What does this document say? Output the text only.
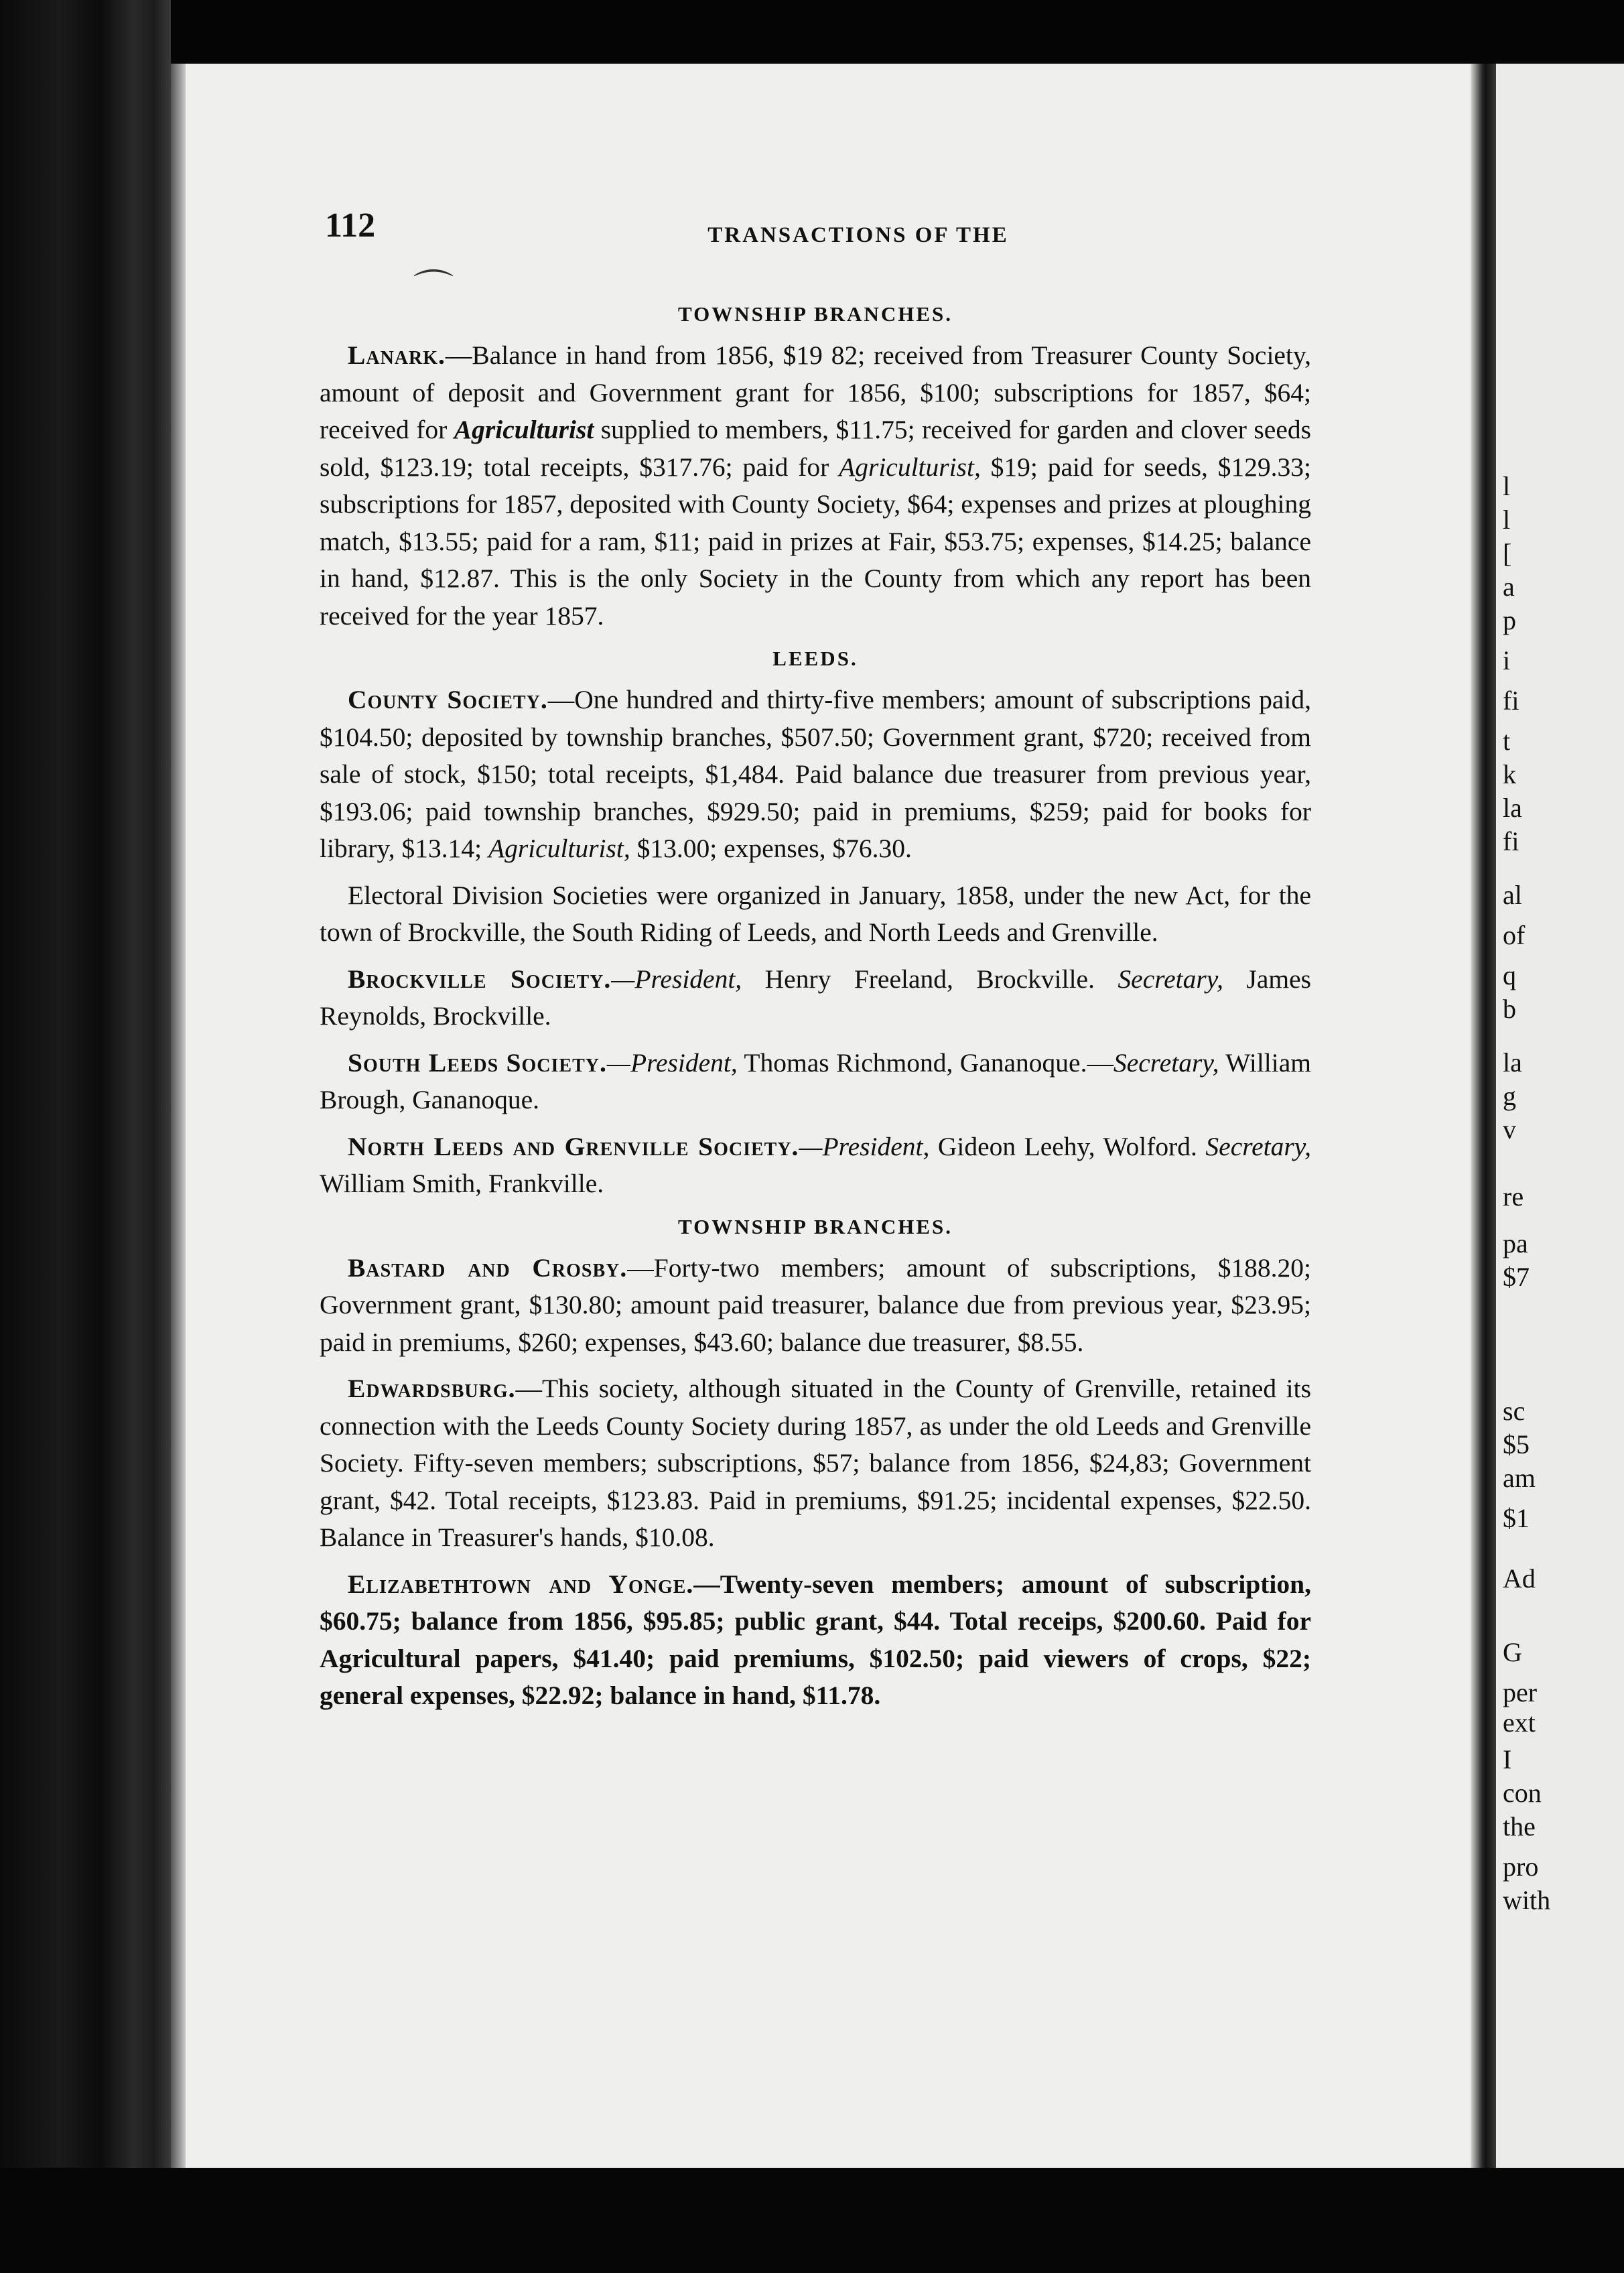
112	TRANSACTIONS OF THE
⌒
TOWNSHIP BRANCHES.

Lanark.—Balance in hand from 1856, $19 82; received from Treasurer County Society, amount of deposit and Government grant for 1856, $100; subscriptions for 1857, $64; received for Agriculturist supplied to members, $11.75; received for garden and clover seeds sold, $123.19; total receipts, $317.76; paid for Agriculturist, $19; paid for seeds, $129.33; subscriptions for 1857, deposited with County Society, $64; expenses and prizes at ploughing match, $13.55; paid for a ram, $11; paid in prizes at Fair, $53.75; expenses, $14.25; balance in hand, $12.87. This is the only Society in the County from which any report has been received for the year 1857.

LEEDS.

County Society.—One hundred and thirty-five members; amount of subscriptions paid, $104.50; deposited by township branches, $507.50; Government grant, $720; received from sale of stock, $150; total receipts, $1,484. Paid balance due treasurer from previous year, $193.06; paid township branches, $929.50; paid in premiums, $259; paid for books for library, $13.14; Agriculturist, $13.00; expenses, $76.30.

Electoral Division Societies were organized in January, 1858, under the new Act, for the town of Brockville, the South Riding of Leeds, and North Leeds and Grenville.

Brockville Society.—President, Henry Freeland, Brockville. Secretary, James Reynolds, Brockville.

South Leeds Society.—President, Thomas Richmond, Gananoque.—Secretary, William Brough, Gananoque.

North Leeds and Grenville Society.—President, Gideon Leehy, Wolford. Secretary, William Smith, Frankville.

TOWNSHIP BRANCHES.

Bastard and Crosby.—Forty-two members; amount of subscriptions, $188.20; Government grant, $130.80; amount paid treasurer, balance due from previous year, $23.95; paid in premiums, $260; expenses, $43.60; balance due treasurer, $8.55.

Edwardsburg.—This society, although situated in the County of Grenville, retained its connection with the Leeds County Society during 1857, as under the old Leeds and Grenville Society. Fifty-seven members; subscriptions, $57; balance from 1856, $24,83; Government grant, $42. Total receipts, $123.83. Paid in premiums, $91.25; incidental expenses, $22.50. Balance in Treasurer's hands, $10.08.

Elizabethtown and Yonge.—Twenty-seven members; amount of subscription, $60.75; balance from 1856, $95.85; public grant, $44. Total receips, $200.60. Paid for Agricultural papers, $41.40; paid premiums, $102.50; paid viewers of crops, $22; general expenses, $22.92; balance in hand, $11.78.

l
l
[
a
p
i
fi
t
k
la
fi
al
of
q
b
la
g
v
re
pa
$7
sc
$5
am
$1
Ad
G
per
ext
I
con
the
pro
with
